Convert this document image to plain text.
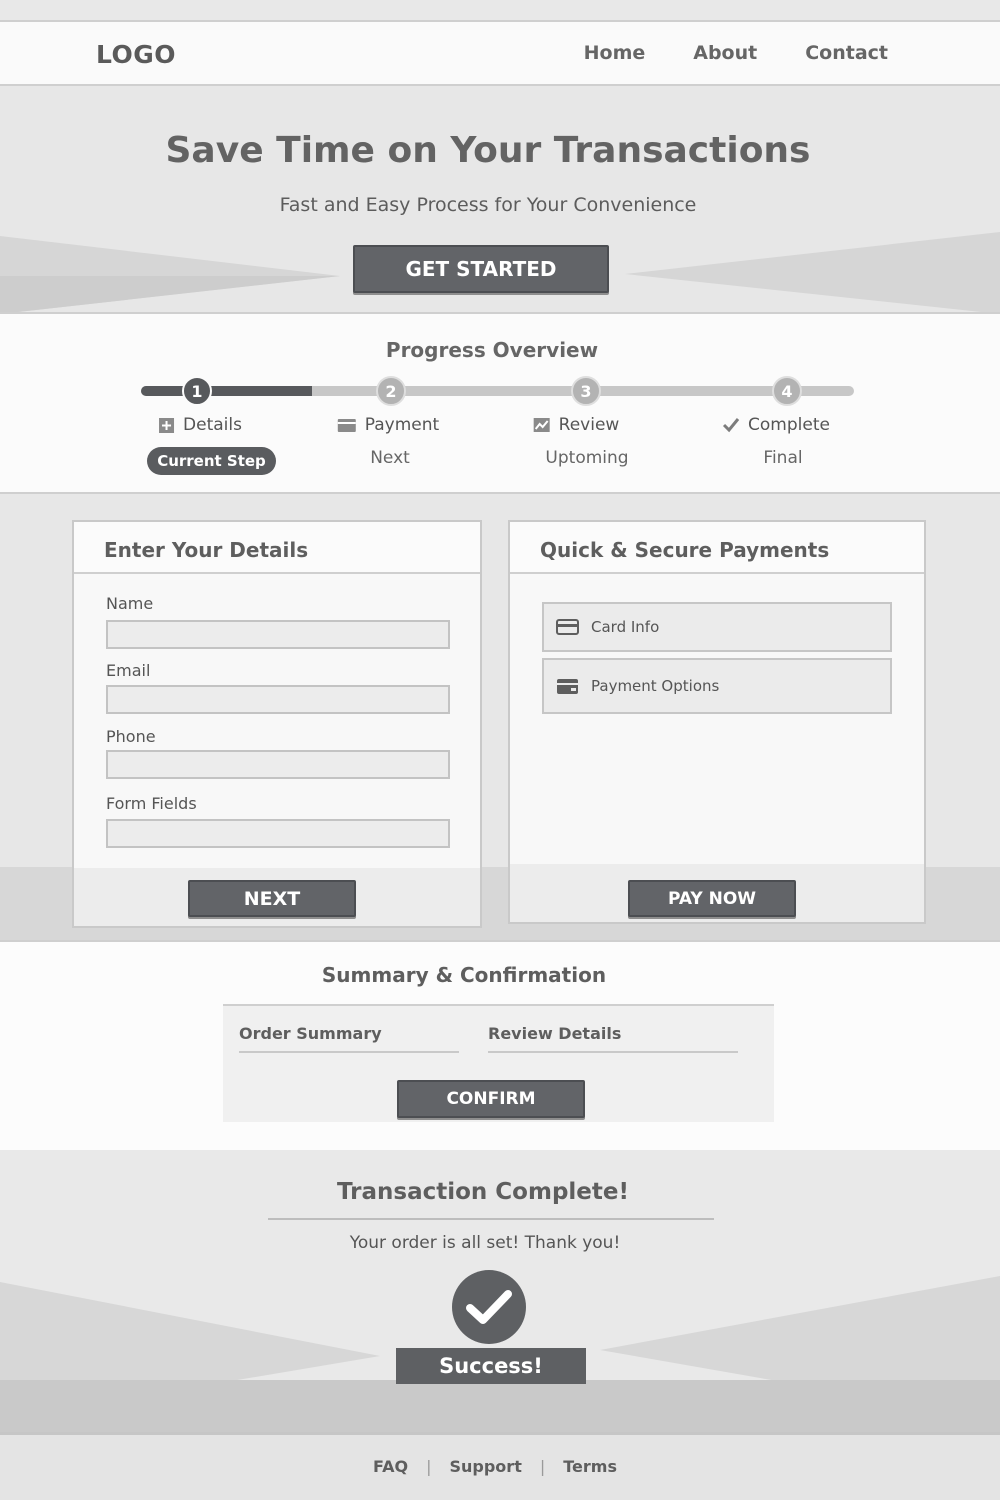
LOGO	Home	About	Contact
Save Time on Your Transactions

Fast and Easy Process for Your Convenience

GET STARTED
Progress Overview
1	2	3	4
Details	Payment	Review	Complete
Current Step	Next	Uptoming	Final
Enter Your Details
Name
Email
Phone
Form Fields
NEXT
Quick & Secure Payments
Card Info
Payment Options
PAY NOW
Summary & Confirmation
Order Summary	Review Details
CONFIRM
Transaction Complete!

Your order is all set! Thank you!

Success!
FAQ | Support | Terms
